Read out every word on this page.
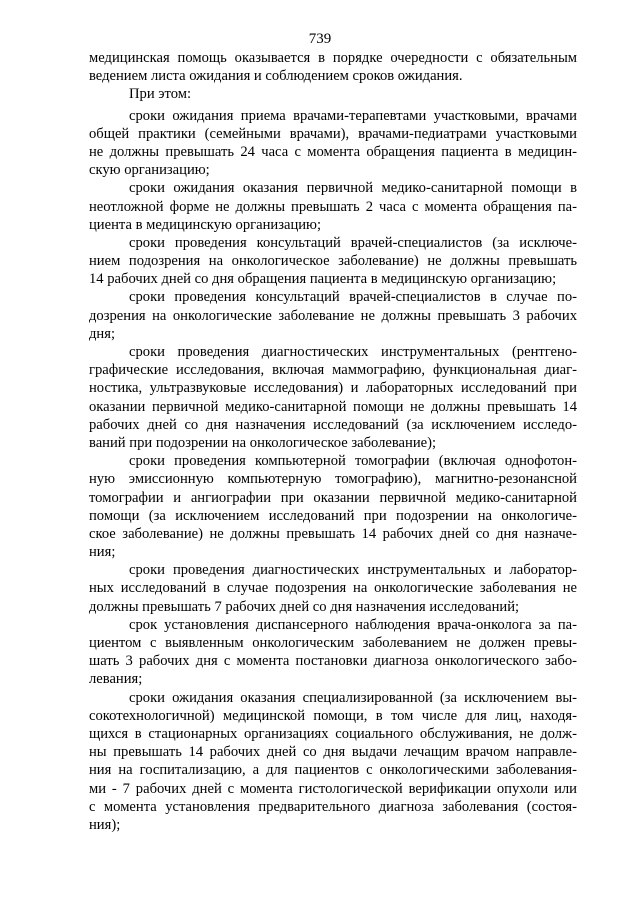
739
медицинская помощь оказывается в порядке очередности с обязательным
ведением листа ожидания и соблюдением сроков ожидания.
При этом:
сроки ожидания приема врачами-терапевтами участковыми, врачами
общей практики (семейными врачами), врачами-педиатрами участковыми
не должны превышать 24 часа с момента обращения пациента в медицин-
скую организацию;
сроки ожидания оказания первичной медико-санитарной помощи в
неотложной форме не должны превышать 2 часа с момента обращения па-
циента в медицинскую организацию;
сроки проведения консультаций врачей-специалистов (за исключе-
нием подозрения на онкологическое заболевание) не должны превышать
14 рабочих дней со дня обращения пациента в медицинскую организацию;
сроки проведения консультаций врачей-специалистов в случае по-
дозрения на онкологические заболевание не должны превышать 3 рабочих
дня;
сроки проведения диагностических инструментальных (рентгено-
графические исследования, включая маммографию, функциональная диаг-
ностика, ультразвуковые исследования) и лабораторных исследований при
оказании первичной медико-санитарной помощи не должны превышать 14
рабочих дней со дня назначения исследований (за исключением исследо-
ваний при подозрении на онкологическое заболевание);
сроки проведения компьютерной томографии (включая однофотон-
ную эмиссионную компьютерную томографию), магнитно-резонансной
томографии и ангиографии при оказании первичной медико-санитарной
помощи (за исключением исследований при подозрении на онкологиче-
ское заболевание) не должны превышать 14 рабочих дней со дня назначе-
ния;
сроки проведения диагностических инструментальных и лаборатор-
ных исследований в случае подозрения на онкологические заболевания не
должны превышать 7 рабочих дней со дня назначения исследований;
срок установления диспансерного наблюдения врача-онколога за па-
циентом с выявленным онкологическим заболеванием не должен превы-
шать 3 рабочих дня с момента постановки диагноза онкологического забо-
левания;
сроки ожидания оказания специализированной (за исключением вы-
сокотехнологичной) медицинской помощи, в том числе для лиц, находя-
щихся в стационарных организациях социального обслуживания, не долж-
ны превышать 14 рабочих дней со дня выдачи лечащим врачом направле-
ния на госпитализацию, а для пациентов с онкологическими заболевания-
ми - 7 рабочих дней с момента гистологической верификации опухоли или
с момента установления предварительного диагноза заболевания (состоя-
ния);
